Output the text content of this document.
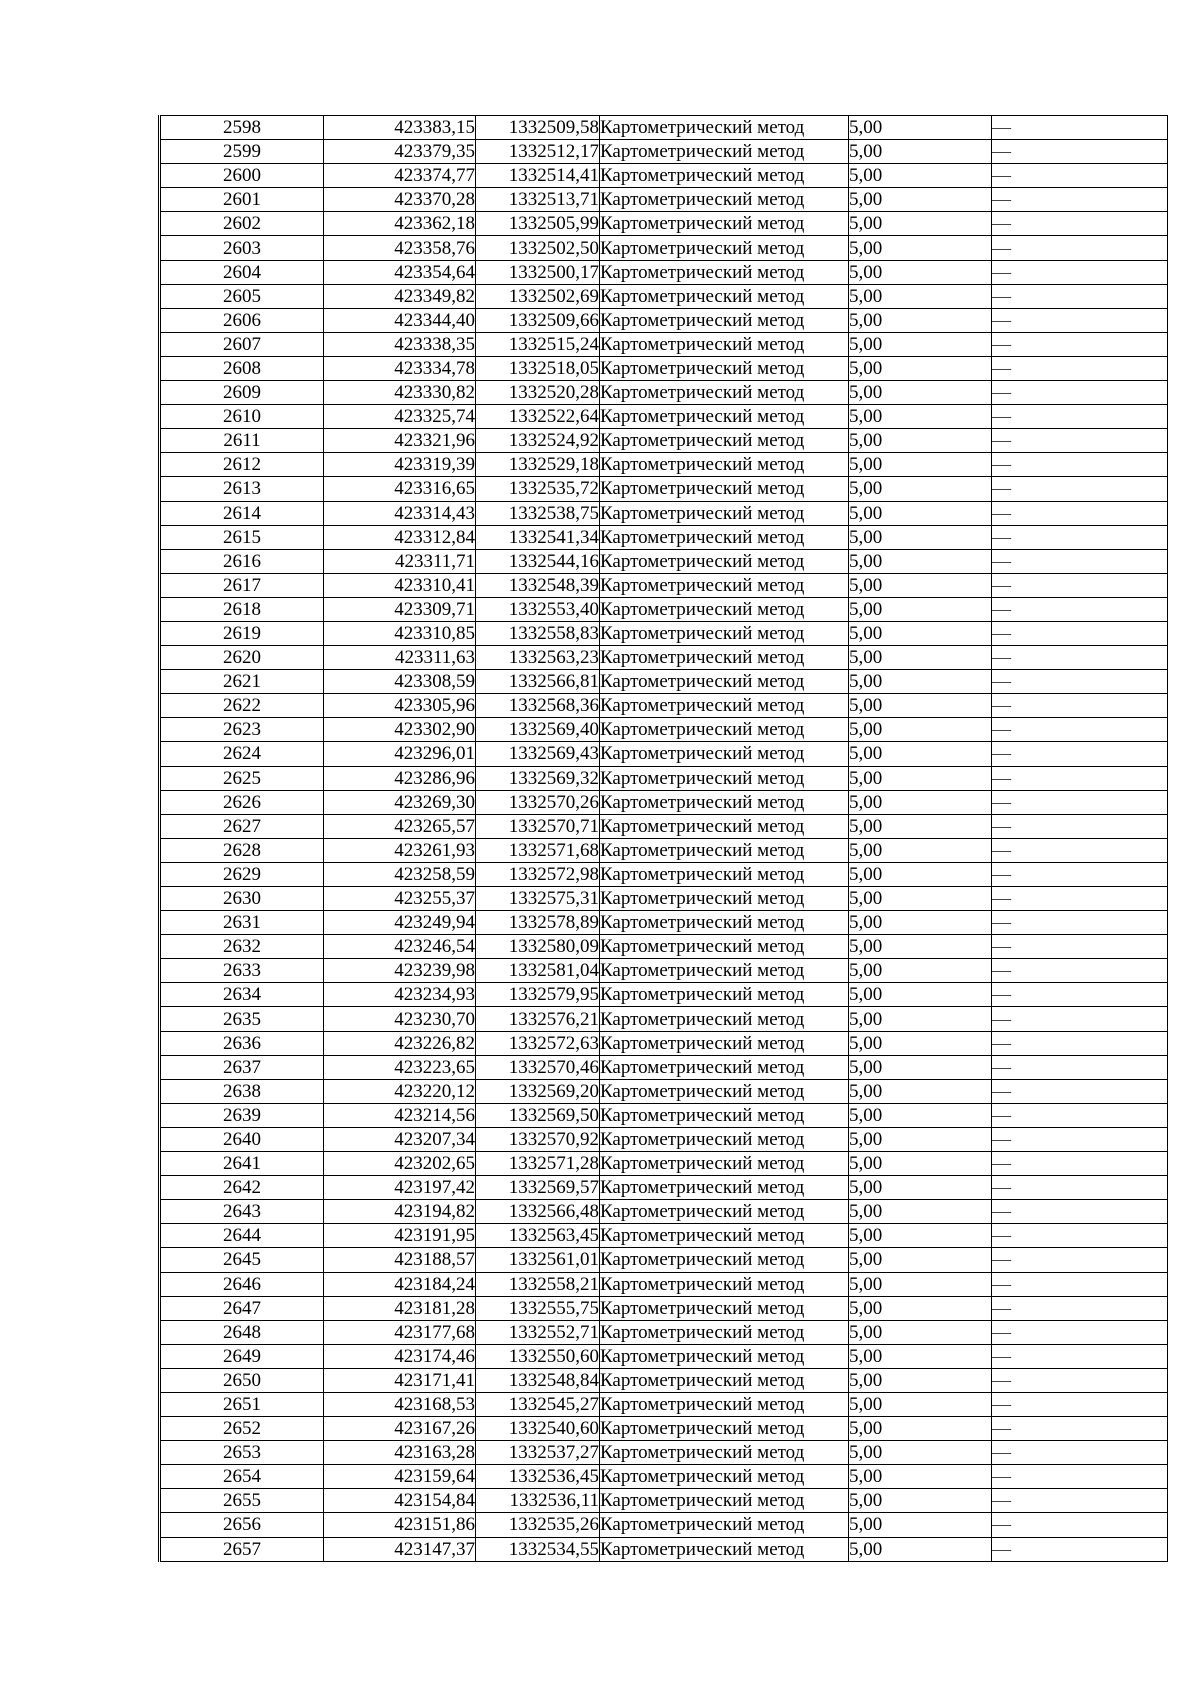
2598	423383,15	1332509,58	Картометрический метод	5,00	—
2599	423379,35	1332512,17	Картометрический метод	5,00	—
2600	423374,77	1332514,41	Картометрический метод	5,00	—
2601	423370,28	1332513,71	Картометрический метод	5,00	—
2602	423362,18	1332505,99	Картометрический метод	5,00	—
2603	423358,76	1332502,50	Картометрический метод	5,00	—
2604	423354,64	1332500,17	Картометрический метод	5,00	—
2605	423349,82	1332502,69	Картометрический метод	5,00	—
2606	423344,40	1332509,66	Картометрический метод	5,00	—
2607	423338,35	1332515,24	Картометрический метод	5,00	—
2608	423334,78	1332518,05	Картометрический метод	5,00	—
2609	423330,82	1332520,28	Картометрический метод	5,00	—
2610	423325,74	1332522,64	Картометрический метод	5,00	—
2611	423321,96	1332524,92	Картометрический метод	5,00	—
2612	423319,39	1332529,18	Картометрический метод	5,00	—
2613	423316,65	1332535,72	Картометрический метод	5,00	—
2614	423314,43	1332538,75	Картометрический метод	5,00	—
2615	423312,84	1332541,34	Картометрический метод	5,00	—
2616	423311,71	1332544,16	Картометрический метод	5,00	—
2617	423310,41	1332548,39	Картометрический метод	5,00	—
2618	423309,71	1332553,40	Картометрический метод	5,00	—
2619	423310,85	1332558,83	Картометрический метод	5,00	—
2620	423311,63	1332563,23	Картометрический метод	5,00	—
2621	423308,59	1332566,81	Картометрический метод	5,00	—
2622	423305,96	1332568,36	Картометрический метод	5,00	—
2623	423302,90	1332569,40	Картометрический метод	5,00	—
2624	423296,01	1332569,43	Картометрический метод	5,00	—
2625	423286,96	1332569,32	Картометрический метод	5,00	—
2626	423269,30	1332570,26	Картометрический метод	5,00	—
2627	423265,57	1332570,71	Картометрический метод	5,00	—
2628	423261,93	1332571,68	Картометрический метод	5,00	—
2629	423258,59	1332572,98	Картометрический метод	5,00	—
2630	423255,37	1332575,31	Картометрический метод	5,00	—
2631	423249,94	1332578,89	Картометрический метод	5,00	—
2632	423246,54	1332580,09	Картометрический метод	5,00	—
2633	423239,98	1332581,04	Картометрический метод	5,00	—
2634	423234,93	1332579,95	Картометрический метод	5,00	—
2635	423230,70	1332576,21	Картометрический метод	5,00	—
2636	423226,82	1332572,63	Картометрический метод	5,00	—
2637	423223,65	1332570,46	Картометрический метод	5,00	—
2638	423220,12	1332569,20	Картометрический метод	5,00	—
2639	423214,56	1332569,50	Картометрический метод	5,00	—
2640	423207,34	1332570,92	Картометрический метод	5,00	—
2641	423202,65	1332571,28	Картометрический метод	5,00	—
2642	423197,42	1332569,57	Картометрический метод	5,00	—
2643	423194,82	1332566,48	Картометрический метод	5,00	—
2644	423191,95	1332563,45	Картометрический метод	5,00	—
2645	423188,57	1332561,01	Картометрический метод	5,00	—
2646	423184,24	1332558,21	Картометрический метод	5,00	—
2647	423181,28	1332555,75	Картометрический метод	5,00	—
2648	423177,68	1332552,71	Картометрический метод	5,00	—
2649	423174,46	1332550,60	Картометрический метод	5,00	—
2650	423171,41	1332548,84	Картометрический метод	5,00	—
2651	423168,53	1332545,27	Картометрический метод	5,00	—
2652	423167,26	1332540,60	Картометрический метод	5,00	—
2653	423163,28	1332537,27	Картометрический метод	5,00	—
2654	423159,64	1332536,45	Картометрический метод	5,00	—
2655	423154,84	1332536,11	Картометрический метод	5,00	—
2656	423151,86	1332535,26	Картометрический метод	5,00	—
2657	423147,37	1332534,55	Картометрический метод	5,00	—
